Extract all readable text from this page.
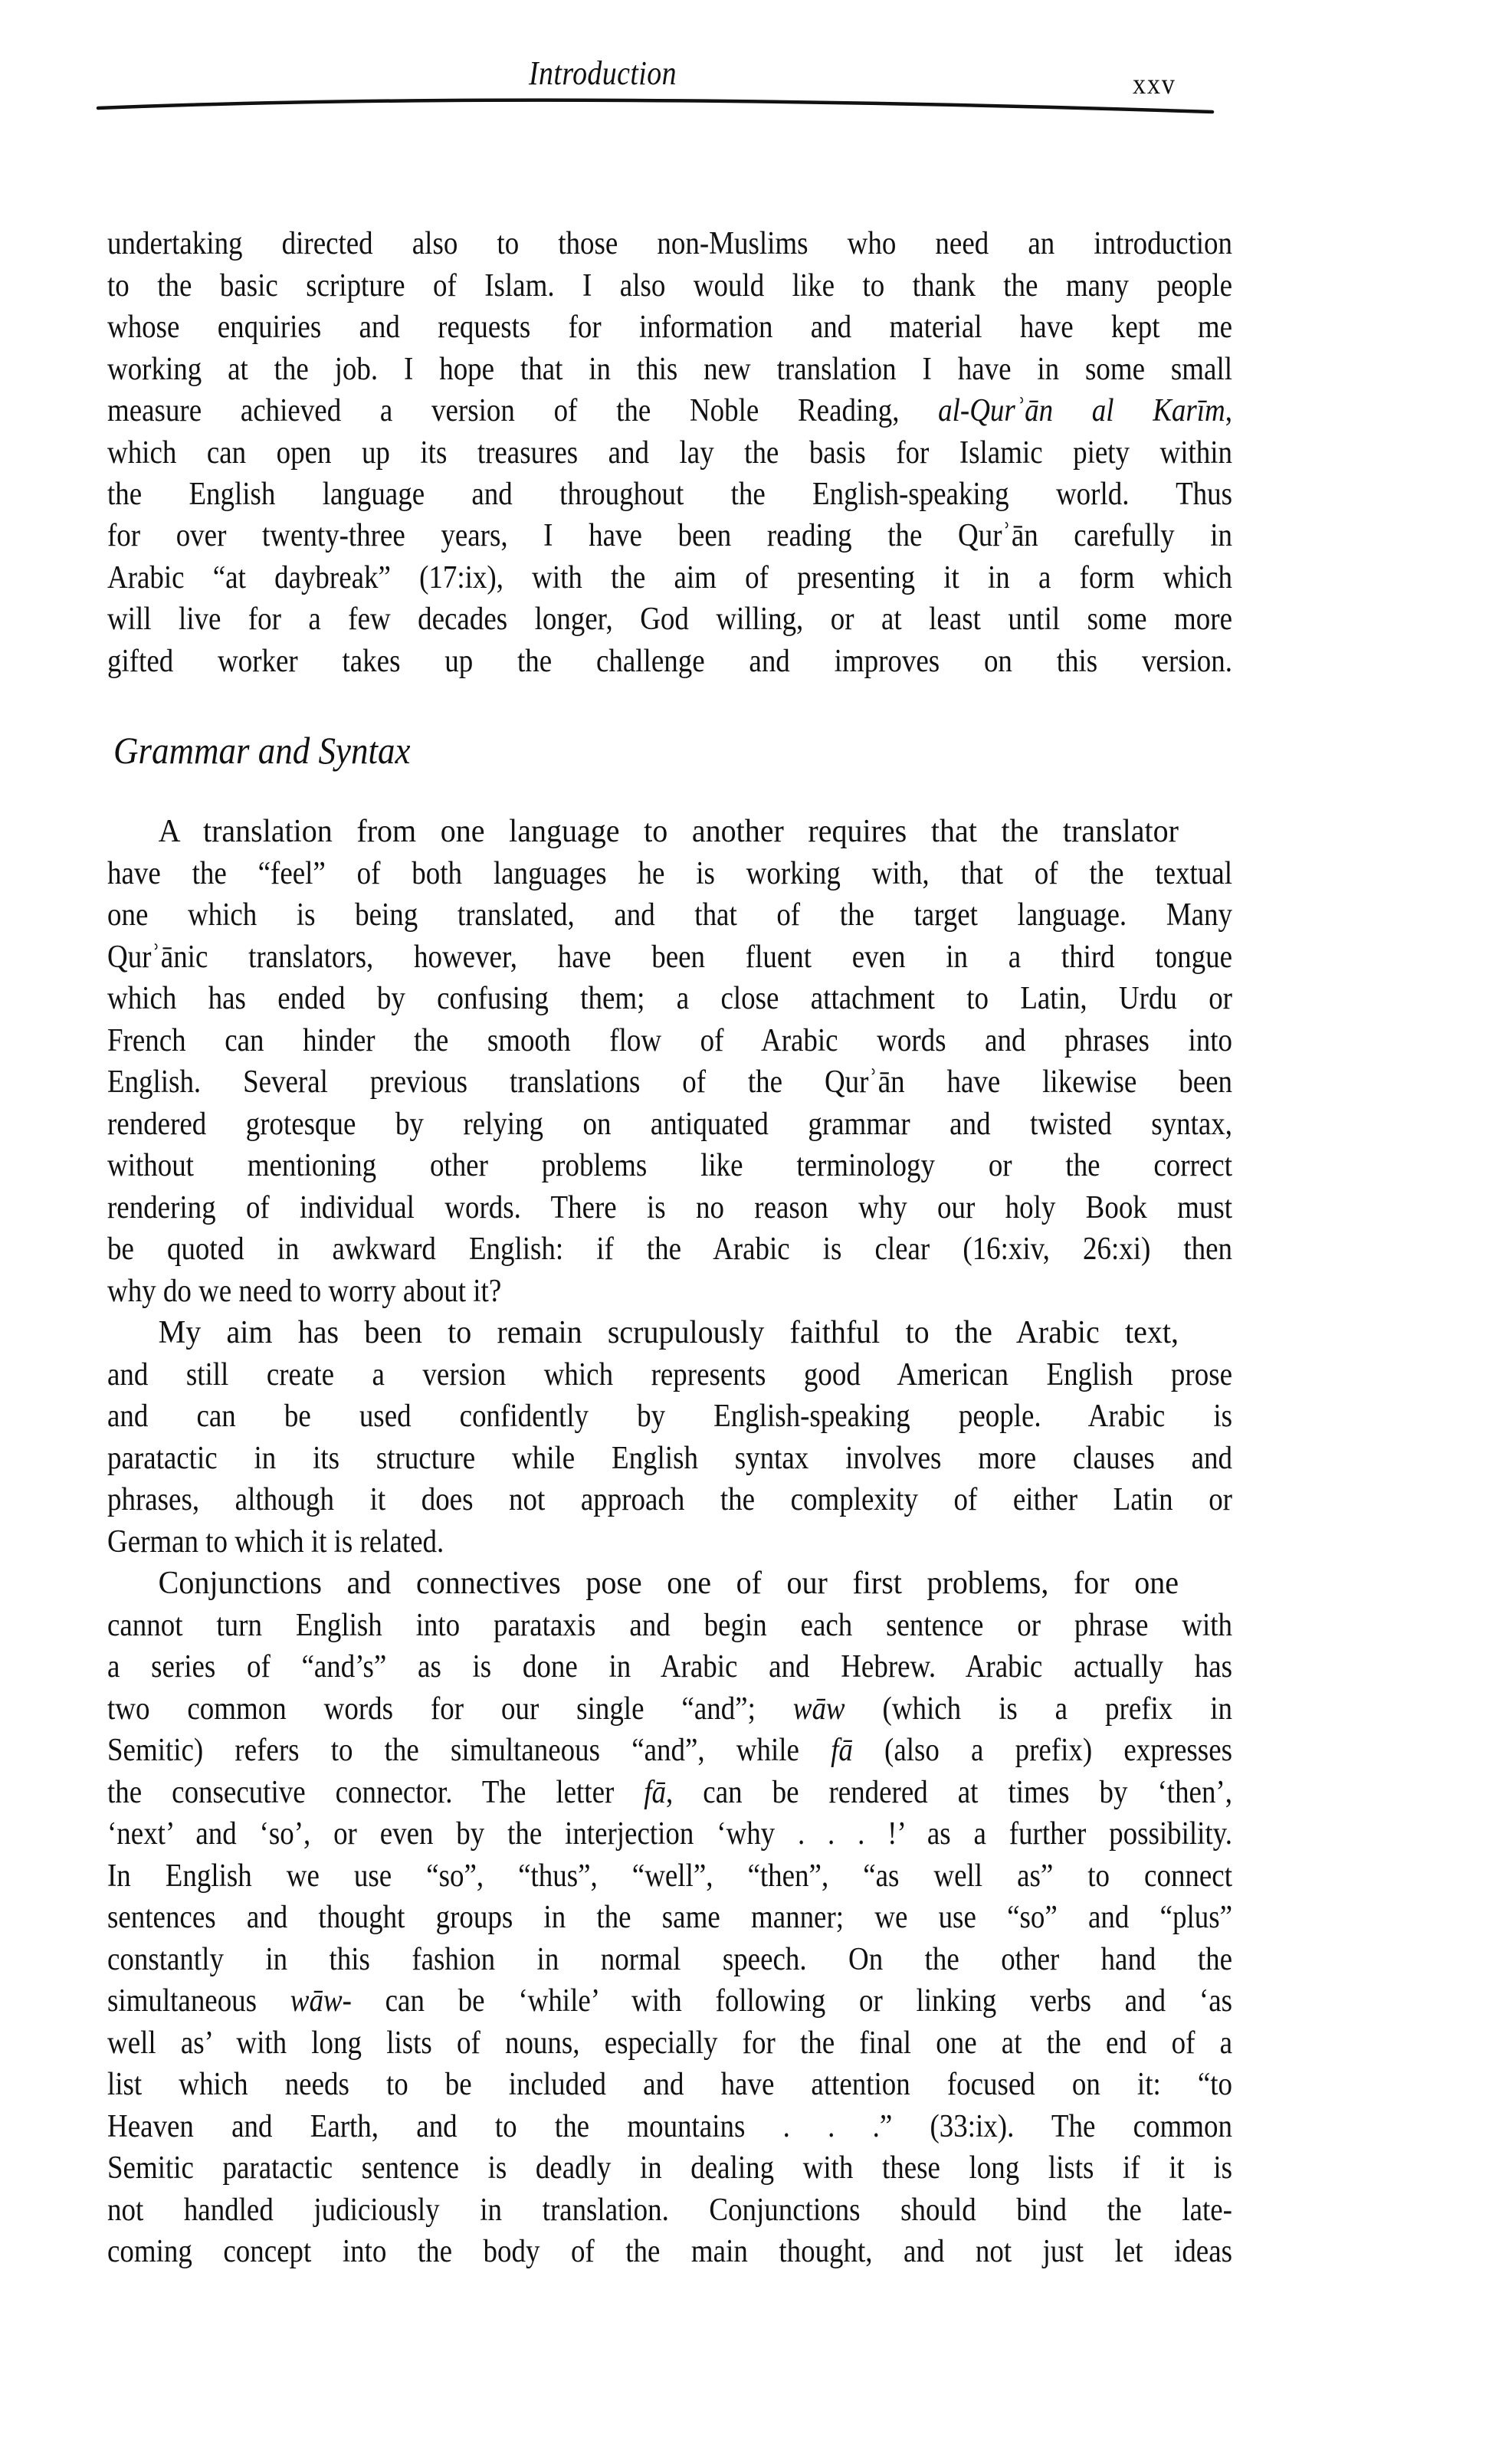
Introduction	xxv
undertaking directed also to those non-Muslims who need an introduction
to the basic scripture of Islam. I also would like to thank the many people
whose enquiries and requests for information and material have kept me
working at the job. I hope that in this new translation I have in some small
measure achieved a version of the Noble Reading, al-Qurʾān al Karīm,
which can open up its treasures and lay the basis for Islamic piety within
the English language and throughout the English-speaking world. Thus
for over twenty-three years, I have been reading the Qurʾān carefully in
Arabic “at daybreak” (17:ix), with the aim of presenting it in a form which
will live for a few decades longer, God willing, or at least until some more
gifted worker takes up the challenge and improves on this version.
Grammar and Syntax
A translation from one language to another requires that the translator
have the “feel” of both languages he is working with, that of the textual
one which is being translated, and that of the target language. Many
Qurʾānic translators, however, have been fluent even in a third tongue
which has ended by confusing them; a close attachment to Latin, Urdu or
French can hinder the smooth flow of Arabic words and phrases into
English. Several previous translations of the Qurʾān have likewise been
rendered grotesque by relying on antiquated grammar and twisted syntax,
without mentioning other problems like terminology or the correct
rendering of individual words. There is no reason why our holy Book must
be quoted in awkward English: if the Arabic is clear (16:xiv, 26:xi) then
why do we need to worry about it?
My aim has been to remain scrupulously faithful to the Arabic text,
and still create a version which represents good American English prose
and can be used confidently by English-speaking people. Arabic is
paratactic in its structure while English syntax involves more clauses and
phrases, although it does not approach the complexity of either Latin or
German to which it is related.
Conjunctions and connectives pose one of our first problems, for one
cannot turn English into parataxis and begin each sentence or phrase with
a series of “and’s” as is done in Arabic and Hebrew. Arabic actually has
two common words for our single “and”; wāw (which is a prefix in
Semitic) refers to the simultaneous “and”, while fā (also a prefix) expresses
the consecutive connector. The letter fā, can be rendered at times by ‘then’,
‘next’ and ‘so’, or even by the interjection ‘why . . . !’ as a further possibility.
In English we use “so”, “thus”, “well”, “then”, “as well as” to connect
sentences and thought groups in the same manner; we use “so” and “plus”
constantly in this fashion in normal speech. On the other hand the
simultaneous wāw- can be ‘while’ with following or linking verbs and ‘as
well as’ with long lists of nouns, especially for the final one at the end of a
list which needs to be included and have attention focused on it: “to
Heaven and Earth, and to the mountains . . .” (33:ix). The common
Semitic paratactic sentence is deadly in dealing with these long lists if it is
not handled judiciously in translation. Conjunctions should bind the late-
coming concept into the body of the main thought, and not just let ideas
